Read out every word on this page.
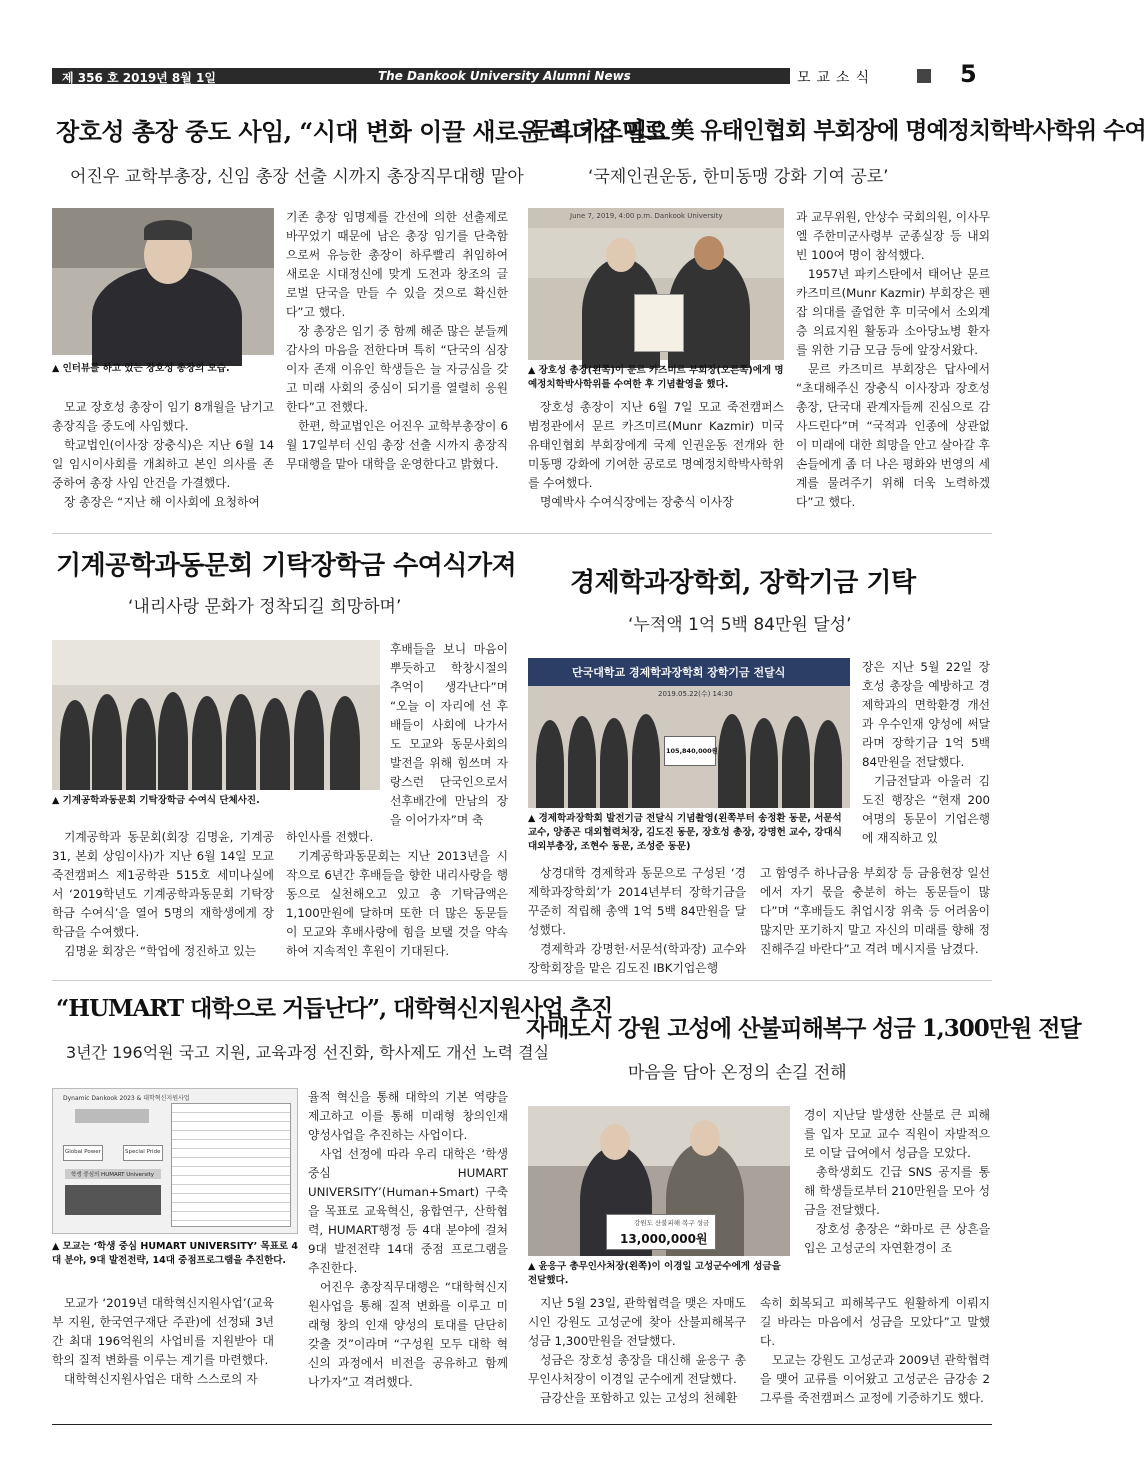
제 356 호 2019년 8월 1일	The Dankook University Alumni News	모교소식	5
장호성 총장 중도 사임, “시대 변화 이끌 새로운 리더십 필요”
어진우 교학부총장, 신임 총장 선출 시까지 총장직무대행 맡아
▲ 인터뷰를 하고 있는 장호성 총장의 모습.

모교 장호성 총장이 임기 8개월을 남기고 총장직을 중도에 사임했다.

학교법인(이사장 장충식)은 지난 6월 14일 임시이사회를 개최하고 본인 의사를 존중하여 총장 사임 안건을 가결했다.

장 총장은 “지난 해 이사회에 요청하여

기존 총장 임명제를 간선에 의한 선출제로 바꾸었기 때문에 남은 총장 임기를 단축함으로써 유능한 총장이 하루빨리 취임하여 새로운 시대정신에 맞게 도전과 창조의 글로벌 단국을 만들 수 있을 것으로 확신한다”고 했다.

장 총장은 임기 중 함께 해준 많은 분들께 감사의 마음을 전한다며 특히 “단국의 심장이자 존재 이유인 학생들은 늘 자긍심을 갖고 미래 사회의 중심이 되기를 열렬히 응원한다”고 전했다.

한편, 학교법인은 어진우 교학부총장이 6월 17일부터 신임 총장 선출 시까지 총장직무대행을 맡아 대학을 운영한다고 밝혔다.

문르 카즈미르 美 유태인협회 부회장에 명예정치학박사학위 수여
‘국제인권운동, 한미동맹 강화 기여 공로’
June 7, 2019, 4:00 p.m. Dankook University
▲ 장호성 총장(왼쪽)이 문르 카즈미르 부회장(오른쪽)에게 명예정치학박사학위를 수여한 후 기념촬영을 했다.

장호성 총장이 지난 6월 7일 모교 죽전캠퍼스 범정관에서 문르 카즈미르(Munr Kazmir) 미국 유태인협회 부회장에게 국제 인권운동 전개와 한미동맹 강화에 기여한 공로로 명예정치학박사학위를 수여했다.

명예박사 수여식장에는 장충식 이사장

과 교무위원, 안상수 국회의원, 이사무엘 주한미군사령부 군종실장 등 내외빈 100여 명이 참석했다.

1957년 파키스탄에서 태어난 문르 카즈미르(Munr Kazmir) 부회장은 펜잡 의대를 졸업한 후 미국에서 소외계층 의료지원 활동과 소아당뇨병 환자를 위한 기금 모금 등에 앞장서왔다.

문르 카즈미르 부회장은 답사에서 “초대해주신 장충식 이사장과 장호성 총장, 단국대 관계자들께 진심으로 감사드린다”며 “국적과 인종에 상관없이 미래에 대한 희망을 안고 살아갈 후손들에게 좀 더 나은 평화와 번영의 세계를 물려주기 위해 더욱 노력하겠다”고 했다.

기계공학과동문회 기탁장학금 수여식가져
‘내리사랑 문화가 정착되길 희망하며’
▲ 기계공학과동문회 기탁장학금 수여식 단체사진.
후배들을 보니 마음이 뿌듯하고 학창시절의 추억이 생각난다”며 “오늘 이 자리에 선 후배들이 사회에 나가서도 모교와 동문사회의 발전을 위해 힘쓰며 자랑스런 단국인으로서 선후배간에 만남의 장을 이어가자”며 축

기계공학과 동문회(회장 김명윤, 기계공31, 본회 상임이사)가 지난 6월 14일 모교 죽전캠퍼스 제1공학관 515호 세미나실에서 ‘2019학년도 기계공학과동문회 기탁장학금 수여식’을 열어 5명의 재학생에게 장학금을 수여했다.

김명윤 회장은 “학업에 정진하고 있는

하인사를 전했다.

기계공학과동문회는 지난 2013년을 시작으로 6년간 후배들을 향한 내리사랑을 행동으로 실천해오고 있고 총 기탁금액은 1,100만원에 달하며 또한 더 많은 동문들이 모교와 후배사랑에 힘을 보탤 것을 약속하여 지속적인 후원이 기대된다.

경제학과장학회, 장학기금 기탁
‘누적액 1억 5백 84만원 달성’
단국대학교 경제학과장학회 장학기금 전달식
2019.05.22(수) 14:30
105,840,000원
▲ 경제학과장학회 발전기금 전달식 기념촬영(왼쪽부터 송정환 동문, 서문석 교수, 양종곤 대외협력처장, 김도진 동문, 장호성 총장, 강명헌 교수, 강대식 대외부총장, 조현수 동문, 조성준 동문)

장은 지난 5월 22일 장호성 총장을 예방하고 경제학과의 면학환경 개선과 우수인재 양성에 써달라며 장학기금 1억 5백 84만원을 전달했다.

기금전달과 아울러 김도진 행장은 “현재 200여명의 동문이 기업은행에 재직하고 있

상경대학 경제학과 동문으로 구성된 ‘경제학과장학회’가 2014년부터 장학기금을 꾸준히 적립해 총액 1억 5백 84만원을 달성했다.

경제학과 강명헌·서문석(학과장) 교수와 장학회장을 맡은 김도진 IBK기업은행

고 함영주 하나금융 부회장 등 금융현장 일선에서 자기 몫을 충분히 하는 동문들이 많다”며 “후배들도 취업시장 위축 등 어려움이 많지만 포기하지 말고 자신의 미래를 향해 정진해주길 바란다”고 격려 메시지를 남겼다.
“HUMART 대학으로 거듭난다”, 대학혁신지원사업 추진
3년간 196억원 국고 지원, 교육과정 선진화, 학사제도 개선 노력 결실
Dynamic Dankook 2023 & 대학혁신지원사업
Global Power	Special Pride
학생 중심의 HUMART University
▲ 모교는 ‘학생 중심 HUMART UNIVERSITY’ 목표로 4대 분야, 9대 발전전략, 14대 중점프로그램을 추진한다.

모교가 ‘2019년 대학혁신지원사업’(교육부 지원, 한국연구재단 주관)에 선정돼 3년간 최대 196억원의 사업비를 지원받아 대학의 질적 변화를 이루는 계기를 마련했다.

대학혁신지원사업은 대학 스스로의 자

율적 혁신을 통해 대학의 기본 역량을 제고하고 이를 통해 미래형 창의인재 양성사업을 추진하는 사업이다.

사업 선정에 따라 우리 대학은 ‘학생 중심 HUMART UNIVERSITY’(Human+Smart) 구축을 목표로 교육혁신, 융합연구, 산학협력, HUMART행정 등 4대 분야에 걸쳐 9대 발전전략 14대 중점 프로그램을 추진한다.

어진우 총장직무대행은 “대학혁신지원사업을 통해 질적 변화를 이루고 미래형 창의 인재 양성의 토대를 단단히 갖출 것”이라며 “구성원 모두 대학 혁신의 과정에서 비전을 공유하고 함께 나가자”고 격려했다.

자매도시 강원 고성에 산불피해복구 성금 1,300만원 전달
마음을 담아 온정의 손길 전해
강원도 산불피해 복구 성금
13,000,000원
▲ 윤응구 총무인사처장(왼쪽)이 이경일 고성군수에게 성금을 전달했다.

지난 5월 23일, 관학협력을 맺은 자매도시인 강원도 고성군에 찾아 산불피해복구성금 1,300만원을 전달했다.

성금은 장호성 총장을 대신해 윤응구 총무인사처장이 이경일 군수에게 전달했다.

금강산을 포함하고 있는 고성의 천혜환

경이 지난달 발생한 산불로 큰 피해를 입자 모교 교수 직원이 자발적으로 이달 급여에서 성금을 모았다.

총학생회도 긴급 SNS 공지를 통해 학생들로부터 210만원을 모아 성금을 전달했다.

장호성 총장은 “화마로 큰 상흔을 입은 고성군의 자연환경이 조

속히 회복되고 피해복구도 원활하게 이뤄지길 바라는 마음에서 성금을 모았다”고 말했다.

모교는 강원도 고성군과 2009년 관학협력을 맺어 교류를 이어왔고 고성군은 금강송 2그루를 죽전캠퍼스 교정에 기증하기도 했다.
